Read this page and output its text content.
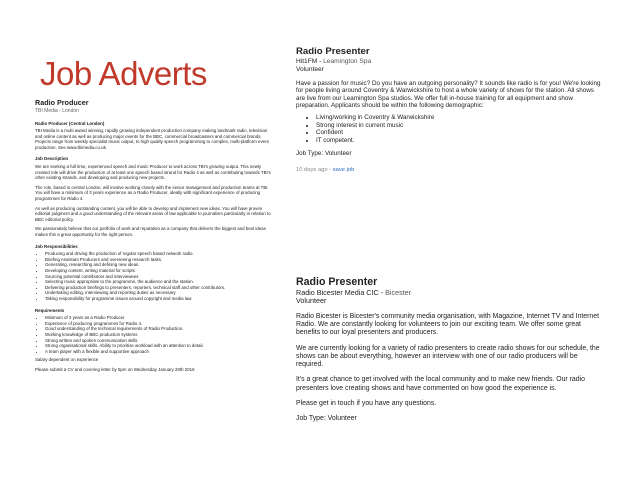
Job Adverts
Radio Producer
TBI Media - London
Radio Producer (Central London)

TBI Media is a multi award winning, rapidly growing independent production company making landmark radio, television and online content as well as producing major events for the BBC, commercial broadcasters and commercial brands. Projects range from weekly specialist music output, to high quality speech programming to complex, multi-platform event production. See www.tbimedia.co.uk.

Job Description

We are seeking a full time, experienced speech and music Producer to work across TBI's growing output. This newly created role will drive the production of at least one speech based strand for Radio 4 as well as contributing towards TBI's other existing strands, and developing and producing new projects.

The role, based in central London, will involve working closely with the senior management and production teams at TBI. You will have a minimum of 3 years experience as a Radio Producer, ideally with significant experience of producing programmes for Radio 4.

As well as producing outstanding content, you will be able to develop and implement new ideas. You will have proven editorial judgment and a good understanding of the relevant areas of law applicable to journalism particularly in relation to BBC editorial policy.

We passionately believe that our portfolio of work and reputation as a company that delivers the biggest and best ideas makes this a great opportunity for the right person.

Job Responsibilities
• Producing and driving the production of regular speech based network radio.
• Briefing Assistant Producers and overseeing research tasks.
• Generating, researching and defining new ideas.
• Developing content, writing material for scripts
• Sourcing potential contributors and interviewees
• Selecting music appropriate to the programme, the audience and the station.
• Delivering production briefings to presenters, reporters, technical staff and other contributors.
• Undertaking editing, interviewing and reporting duties as necessary
• Taking responsibility for programme issues around copyright and media law
Requirements
• Minimum of 3 years as a Radio Producer
• Experience of producing programmes for Radio 4.
• Good understanding of the technical requirements of Radio Production.
• Working knowledge of BBC production systems
• Strong written and spoken communication skills
• Strong organisational skills. Ability to prioritise workload with an attention to detail.
• A team player with a flexible and supportive approach

Salary dependent on experience

Please submit a CV and covering letter by 5pm on Wednesday January 20th 2016

Radio Presenter
Hit1FM - Leamington Spa
Volunteer

Have a passion for music? Do you have an outgoing personality? It sounds like radio is for you! We're looking for people living around Coventry & Warwickshire to host a whole variety of shows for the station. All shows are live from our Leamington Spa studios. We offer full in-house training for all equipment and show preparation. Applicants should be within the following demographic:

• Living/working in Coventry & Warwickshire
• Strong interest in current music
• Confident
• IT competent.

Job Type: Volunteer

10 days ago - save job
Radio Presenter
Radio Bicester Media CIC - Bicester
Volunteer

Radio Bicester is Bicester's community media organisation, with Magazine, Internet TV and Internet Radio. We are constantly looking for volunteers to join our exciting team. We offer some great benefits to our loyal presenters and producers.

We are currently looking for a variety of radio presenters to create radio shows for our schedule, the shows can be about everything, however an interview with one of our radio producers will be required.

It's a great chance to get involved with the local community and to make new friends. Our radio presenters love creating shows and have commented on how good the experience is.

Please get in touch if you have any questions.

Job Type: Volunteer
